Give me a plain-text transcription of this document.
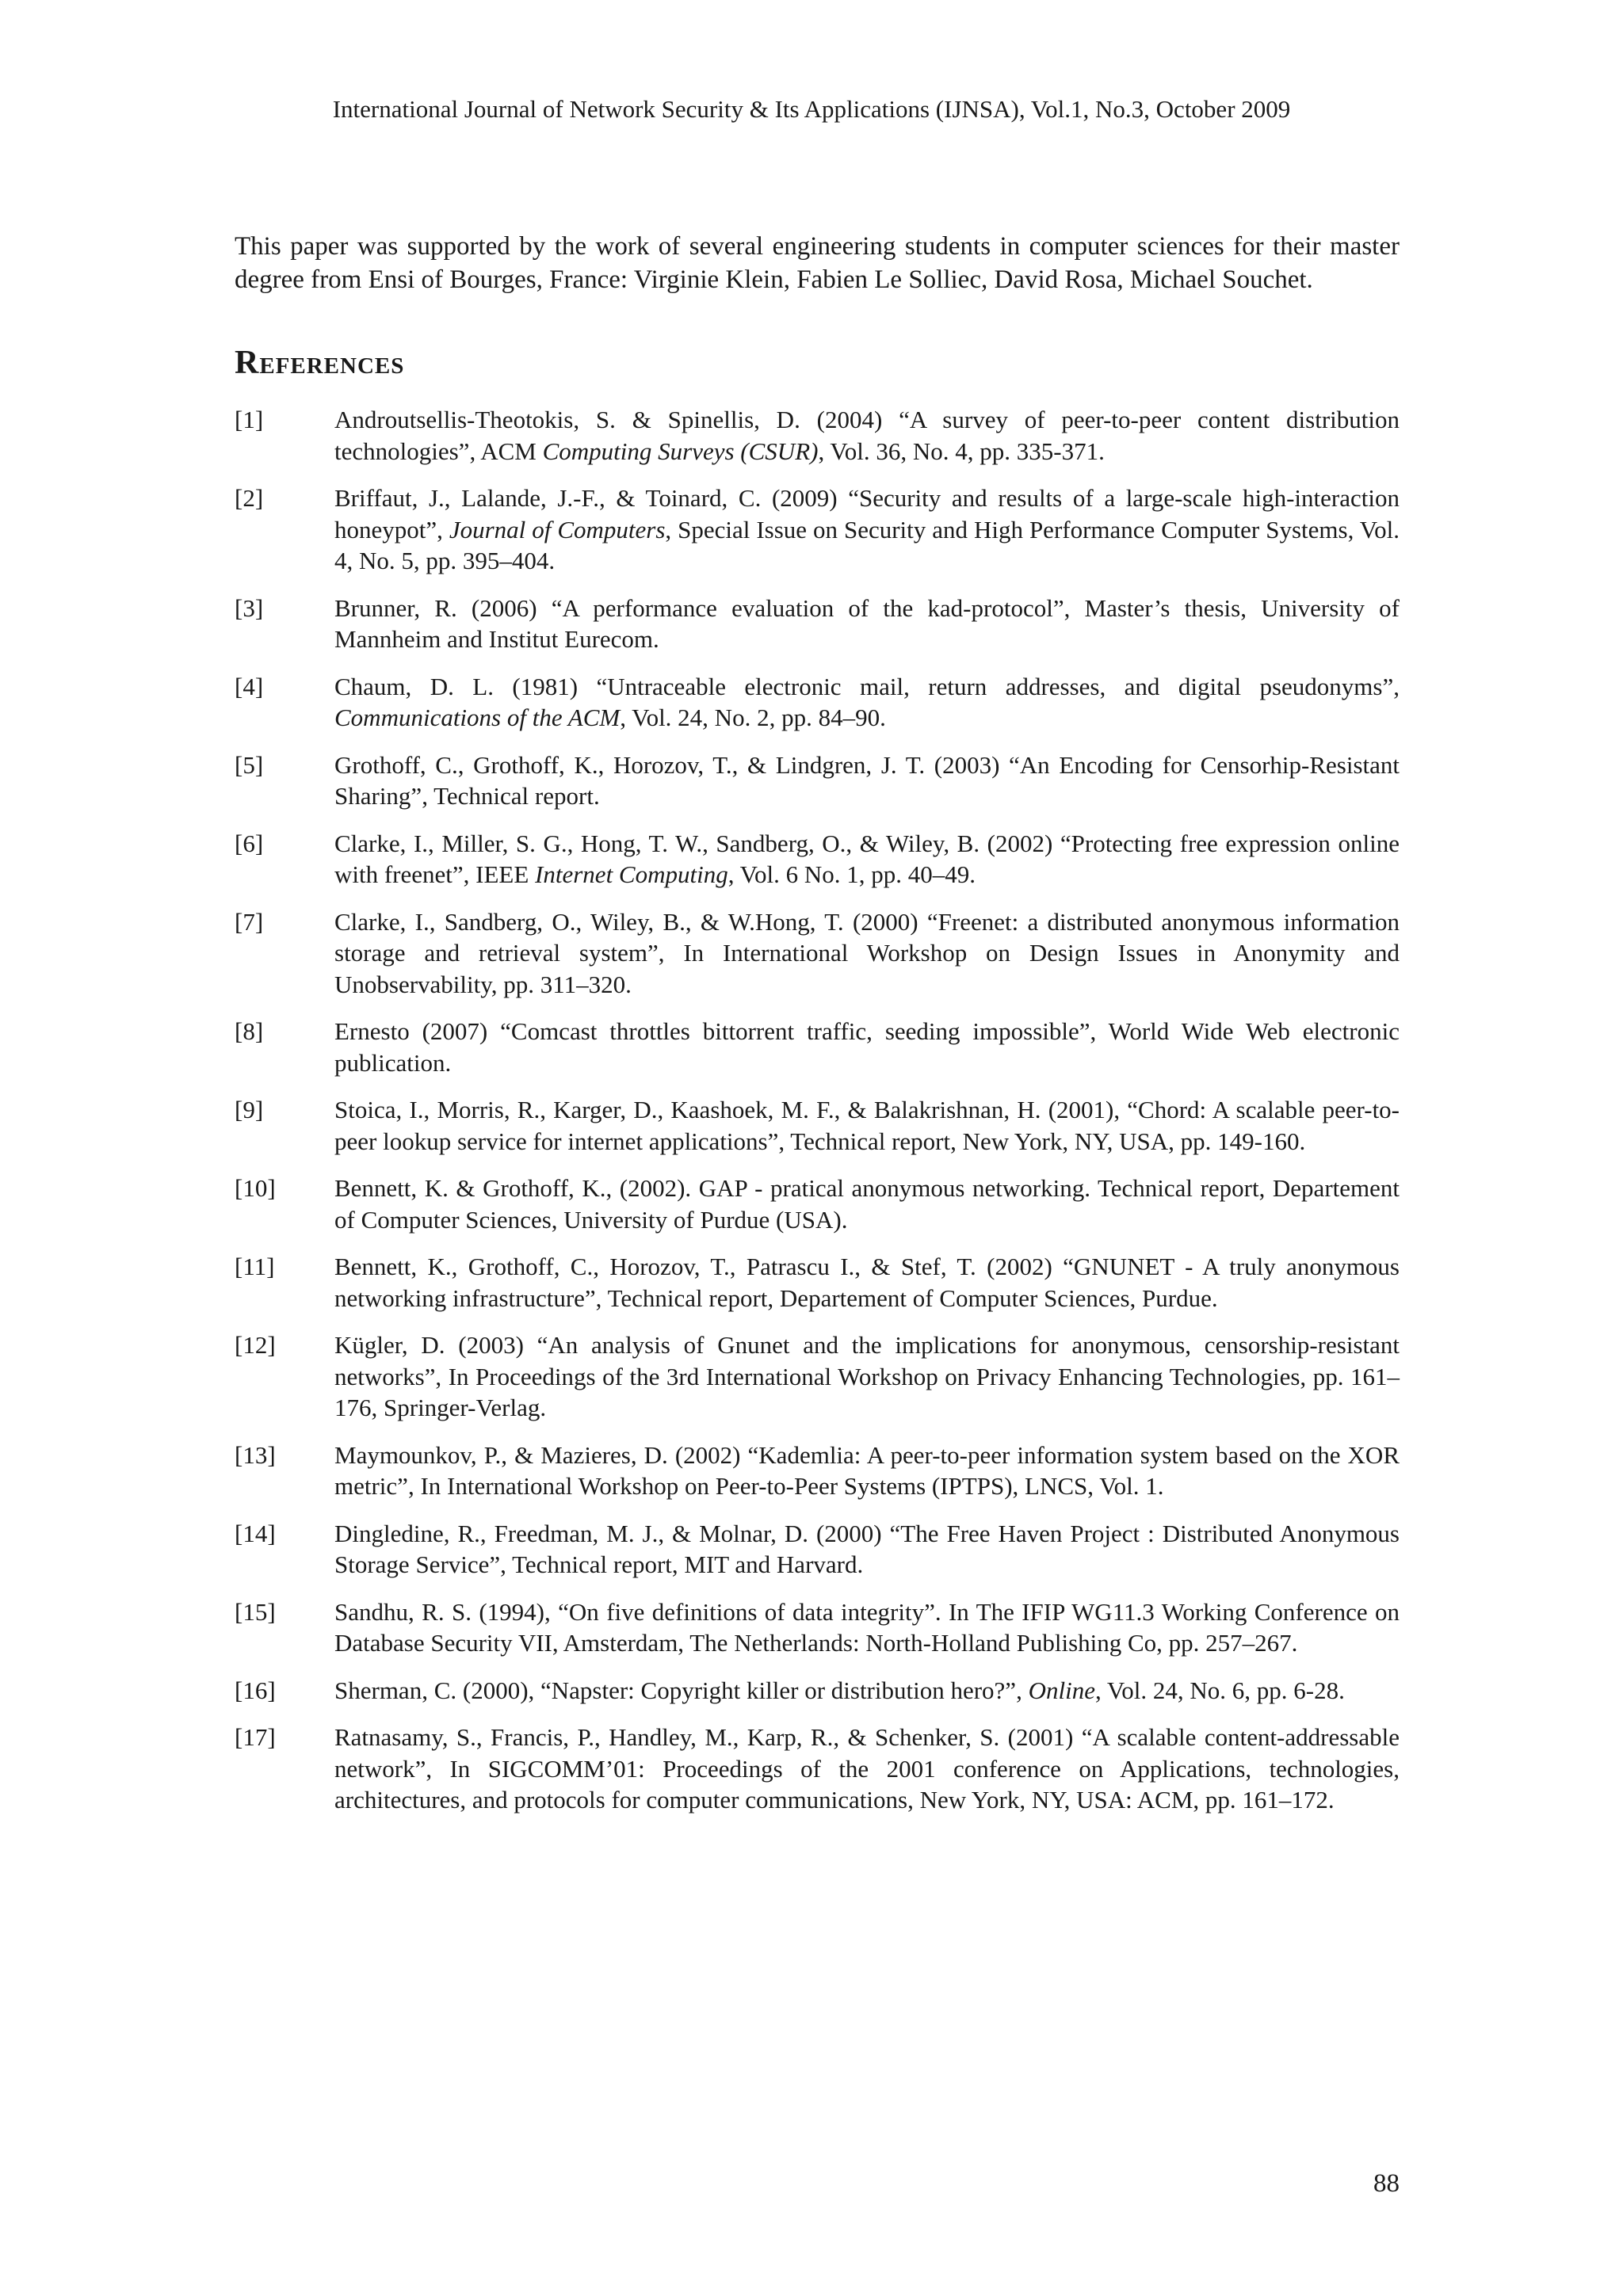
International Journal of Network Security & Its Applications (IJNSA), Vol.1, No.3, October 2009

This paper was supported by the work of several engineering students in computer sciences for their master degree from Ensi of Bourges, France: Virginie Klein, Fabien Le Solliec, David Rosa, Michael Souchet.

References
[1]	Androutsellis-Theotokis, S. & Spinellis, D. (2004) “A survey of peer-to-peer content distribution technologies”, ACM Computing Surveys (CSUR), Vol. 36, No. 4, pp. 335-371.
[2]	Briffaut, J., Lalande, J.-F., & Toinard, C. (2009) “Security and results of a large-scale high-interaction honeypot”, Journal of Computers, Special Issue on Security and High Performance Computer Systems, Vol. 4, No. 5, pp. 395–404.
[3]	Brunner, R. (2006) “A performance evaluation of the kad-protocol”, Master’s thesis, University of Mannheim and Institut Eurecom.
[4]	Chaum, D. L. (1981) “Untraceable electronic mail, return addresses, and digital pseudonyms”, Communications of the ACM, Vol. 24, No. 2, pp. 84–90.
[5]	Grothoff, C., Grothoff, K., Horozov, T., & Lindgren, J. T. (2003) “An Encoding for Censorhip-Resistant Sharing”, Technical report.
[6]	Clarke, I., Miller, S. G., Hong, T. W., Sandberg, O., & Wiley, B. (2002) “Protecting free expression online with freenet”, IEEE Internet Computing, Vol. 6 No. 1, pp. 40–49.
[7]	Clarke, I., Sandberg, O., Wiley, B., & W.Hong, T. (2000) “Freenet: a distributed anonymous information storage and retrieval system”, In International Workshop on Design Issues in Anonymity and Unobservability, pp. 311–320.
[8]	Ernesto (2007) “Comcast throttles bittorrent traffic, seeding impossible”, World Wide Web electronic publication.
[9]	Stoica, I., Morris, R., Karger, D., Kaashoek, M. F., & Balakrishnan, H. (2001), “Chord: A scalable peer-to-peer lookup service for internet applications”, Technical report, New York, NY, USA, pp. 149-160.
[10]	Bennett, K. & Grothoff, K., (2002). GAP - pratical anonymous networking. Technical report, Departement of Computer Sciences, University of Purdue (USA).
[11]	Bennett, K., Grothoff, C., Horozov, T., Patrascu I., & Stef, T. (2002) “GNUNET - A truly anonymous networking infrastructure”, Technical report, Departement of Computer Sciences, Purdue.
[12]	Kügler, D. (2003) “An analysis of Gnunet and the implications for anonymous, censorship-resistant networks”, In Proceedings of the 3rd International Workshop on Privacy Enhancing Technologies, pp. 161–176, Springer-Verlag.
[13]	Maymounkov, P., & Mazieres, D. (2002) “Kademlia: A peer-to-peer information system based on the XOR metric”, In International Workshop on Peer-to-Peer Systems (IPTPS), LNCS, Vol. 1.
[14]	Dingledine, R., Freedman, M. J., & Molnar, D. (2000) “The Free Haven Project : Distributed Anonymous Storage Service”, Technical report, MIT and Harvard.
[15]	Sandhu, R. S. (1994), “On five definitions of data integrity”. In The IFIP WG11.3 Working Conference on Database Security VII, Amsterdam, The Netherlands: North-Holland Publishing Co, pp. 257–267.
[16]	Sherman, C. (2000), “Napster: Copyright killer or distribution hero?”, Online, Vol. 24, No. 6, pp. 6-28.
[17]	Ratnasamy, S., Francis, P., Handley, M., Karp, R., & Schenker, S. (2001) “A scalable content-addressable network”, In SIGCOMM’01: Proceedings of the 2001 conference on Applications, technologies, architectures, and protocols for computer communications, New York, NY, USA: ACM, pp. 161–172.
88
